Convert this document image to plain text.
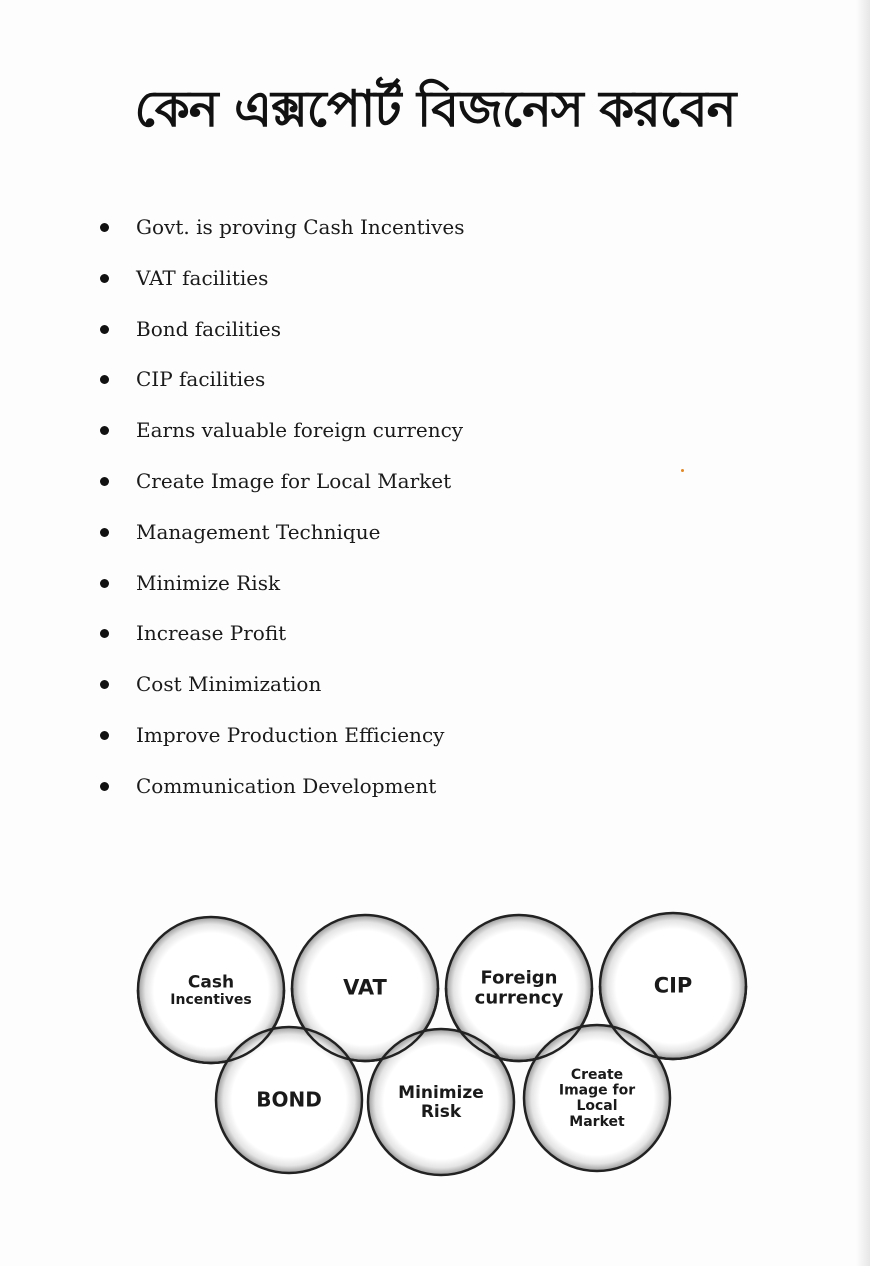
কেন এক্সপোর্ট বিজনেস করবেন
Govt. is proving Cash Incentives
VAT facilities
Bond facilities
CIP facilities
Earns valuable foreign currency
Create Image for Local Market
Management Technique
Minimize Risk
Increase Profit
Cost Minimization
Improve Production Efficiency
Communication Development
Cash
Incentives
VAT	Foreign
currency
CIP
BOND	Minimize
Risk
Create
Image for
Local
Market
